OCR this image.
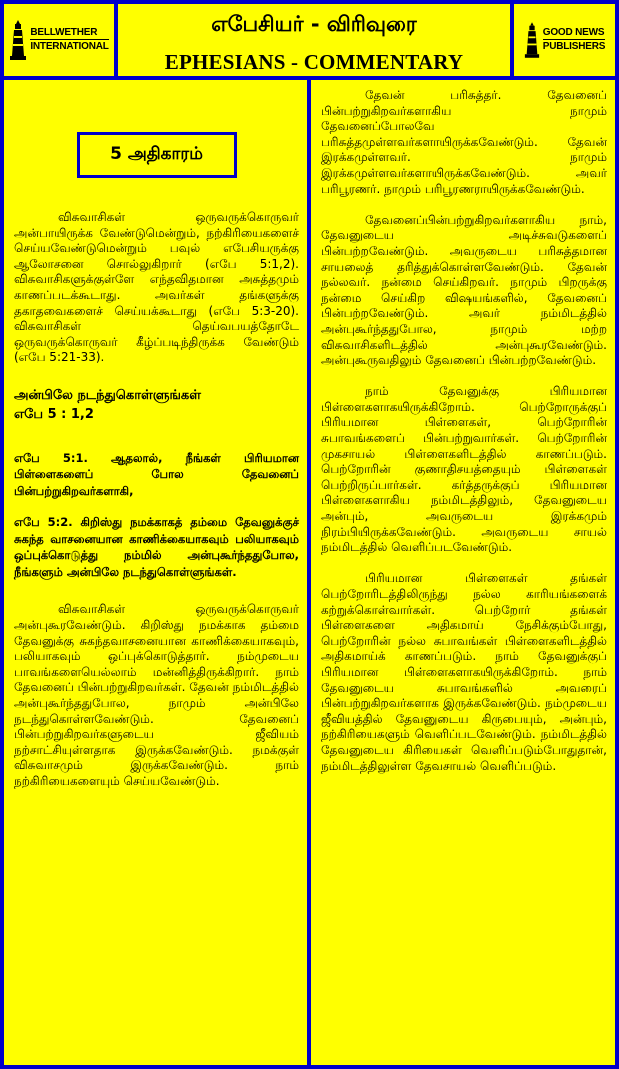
BELLWETHER
INTERNATIONAL
எபேசியர் - விரிவுரை
EPHESIANS - COMMENTARY
GOOD NEWS
PUBLISHERS
5 அதிகாரம்

விசுவாசிகள் ஒருவருக்கொருவர் அன்பாயிருக்க வேண்டுமென்றும், நற்கிரியைகளைச் செய்யவேண்டுமென்றும் பவுல் எபேசியருக்கு ஆலோசனை சொல்லுகிறார் (எபே 5:1,2). விசுவாசிகளுக்குள்ளே எந்தவிதமான அசுத்தமும் காணப்படக்கூடாது. அவர்கள் தங்களுக்கு தகாதவைகளைச் செய்யக்கூடாது (எபே 5:3-20). விசுவாசிகள் தெய்வபயத்தோடே ஒருவருக்கொருவர் கீழ்ப்படிந்திருக்க வேண்டும் (எபே 5:21-33).

அன்பிலே நடந்துகொள்ளுங்கள்
எபே 5 : 1,2

எபே 5:1. ஆதலால், நீங்கள் பிரியமான பிள்ளைகளைப் போல தேவனைப் பின்பற்றுகிறவர்களாகி,

எபே 5:2. கிறிஸ்து நமக்காகத் தம்மை தேவனுக்குச் சுகந்த வாசனையான காணிக்கையாகவும் பலியாகவும் ஒப்புக்கொடுத்து நம்மில் அன்புகூர்ந்ததுபோல, நீங்களும் அன்பிலே நடந்துகொள்ளுங்கள்.

விசுவாசிகள் ஒருவருக்கொருவர் அன்புகூரவேண்டும். கிறிஸ்து நமக்காக தம்மை தேவனுக்கு சுகந்தவாசனையான காணிக்கையாகவும், பலியாகவும் ஒப்புக்கொடுத்தார். நம்முடைய பாவங்களையெல்லாம் மன்னித்திருக்கிறார். நாம் தேவனைப் பின்பற்றுகிறவர்கள். தேவன் நம்மிடத்தில் அன்புகூர்ந்ததுபோல, நாமும் அன்பிலே நடந்துகொள்ளவேண்டும். தேவனைப் பின்பற்றுகிறவர்களுடைய ஜீவியம் நற்சாட்சியுள்ளதாக இருக்கவேண்டும். நமக்குள் விசுவாசமும் இருக்கவேண்டும். நாம் நற்கிரியைகளையும் செய்யவேண்டும்.

தேவன் பரிசுத்தர். தேவனைப் பின்பற்றுகிறவர்களாகிய நாமும் தேவனைப்போலவே பரிசுத்தமுள்ளவர்களாயிருக்கவேண்டும். தேவன் இரக்கமுள்ளவர். நாமும் இரக்கமுள்ளவர்களாயிருக்கவேண்டும். அவர் பரிபூரணர். நாமும் பரிபூரணராயிருக்கவேண்டும்.

தேவனைப்பின்பற்றுகிறவர்களாகிய நாம், தேவனுடைய அடிச்சுவடுகளைப் பின்பற்றவேண்டும். அவருடைய பரிசுத்தமான சாயலைத் தரித்துக்கொள்ளவேண்டும். தேவன் நல்லவர். நன்மை செய்கிறவர். நாமும் பிறருக்கு நன்மை செய்கிற விஷயங்களில், தேவனைப் பின்பற்றவேண்டும். அவர் நம்மிடத்தில் அன்புகூர்ந்ததுபோல, நாமும் மற்ற விசுவாசிகளிடத்தில் அன்புகூரவேண்டும். அன்புகூருவதிலும் தேவனைப் பின்பற்றவேண்டும்.

நாம் தேவனுக்கு பிரியமான பிள்ளைகளாகயிருக்கிறோம். பெற்றோருக்குப் பிரியமான பிள்ளைகள், பெற்றோரின் சுபாவங்களைப் பின்பற்றுவார்கள். பெற்றோரின் முகசாயல் பிள்ளைகளிடத்தில் காணப்படும். பெற்றோரின் குணாதிசயத்தையும் பிள்ளைகள் பெற்றிருப்பார்கள். கர்த்தருக்குப் பிரியமான பிள்ளைகளாகிய நம்மிடத்திலும், தேவனுடைய அன்பும், அவருடைய இரக்கமும் நிரம்பியிருக்கவேண்டும். அவருடைய சாயல் நம்மிடத்தில் வெளிப்படவேண்டும்.

பிரியமான பிள்ளைகள் தங்கள் பெற்றோரிடத்திலிருந்து நல்ல காரியங்களைக் கற்றுக்கொள்வார்கள். பெற்றோர் தங்கள் பிள்ளைகளை அதிகமாய் நேசிக்கும்போது, பெற்றோரின் நல்ல சுபாவங்கள் பிள்ளைகளிடத்தில் அதிகமாய்க் காணப்படும். நாம் தேவனுக்குப் பிரியமான பிள்ளைகளாகயிருக்கிறோம். நாம் தேவனுடைய சுபாவங்களில் அவரைப் பின்பற்றுகிறவர்களாக இருக்கவேண்டும். நம்முடைய ஜீவியத்தில் தேவனுடைய கிருபையும், அன்பும், நற்கிரியைகளும் வெளிப்படவேண்டும். நம்மிடத்தில் தேவனுடைய கிரியைகள் வெளிப்படும்போதுதான், நம்மிடத்திலுள்ள தேவசாயல் வெளிப்படும்.
